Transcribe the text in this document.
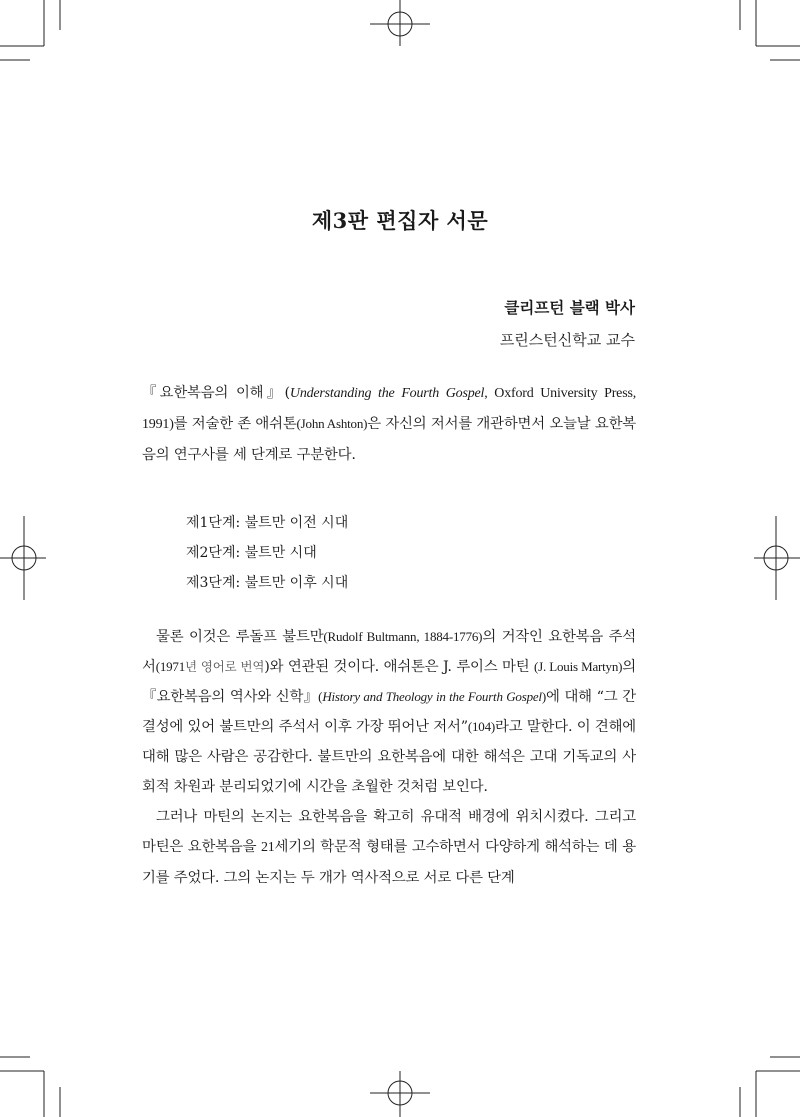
제3판 편집자 서문
클리프턴 블랙 박사
프린스턴신학교 교수

『요한복음의 이해』(Understanding the Fourth Gospel, Oxford University Press, 1991)를 저술한 존 애쉬톤(John Ashton)은 자신의 저서를 개관하면서 오늘날 요한복음의 연구사를 세 단계로 구분한다.

제1단계: 불트만 이전 시대
제2단계: 불트만 시대
제3단계: 불트만 이후 시대

물론 이것은 루돌프 불트만(Rudolf Bultmann, 1884-1776)의 거작인 요한복음 주석서(1971년 영어로 번역)와 연관된 것이다. 애쉬톤은 J. 루이스 마틴 (J. Louis Martyn)의『요한복음의 역사와 신학』(History and Theology in the Fourth Gospel)에 대해 “그 간결성에 있어 불트만의 주석서 이후 가장 뛰어난 저서”(104)라고 말한다. 이 견해에 대해 많은 사람은 공감한다. 불트만의 요한복음에 대한 해석은 고대 기독교의 사회적 차원과 분리되었기에 시간을 초월한 것처럼 보인다.

그러나 마틴의 논지는 요한복음을 확고히 유대적 배경에 위치시켰다. 그리고 마틴은 요한복음을 21세기의 학문적 형태를 고수하면서 다양하게 해석하는 데 용기를 주었다. 그의 논지는 두 개가 역사적으로 서로 다른 단계
